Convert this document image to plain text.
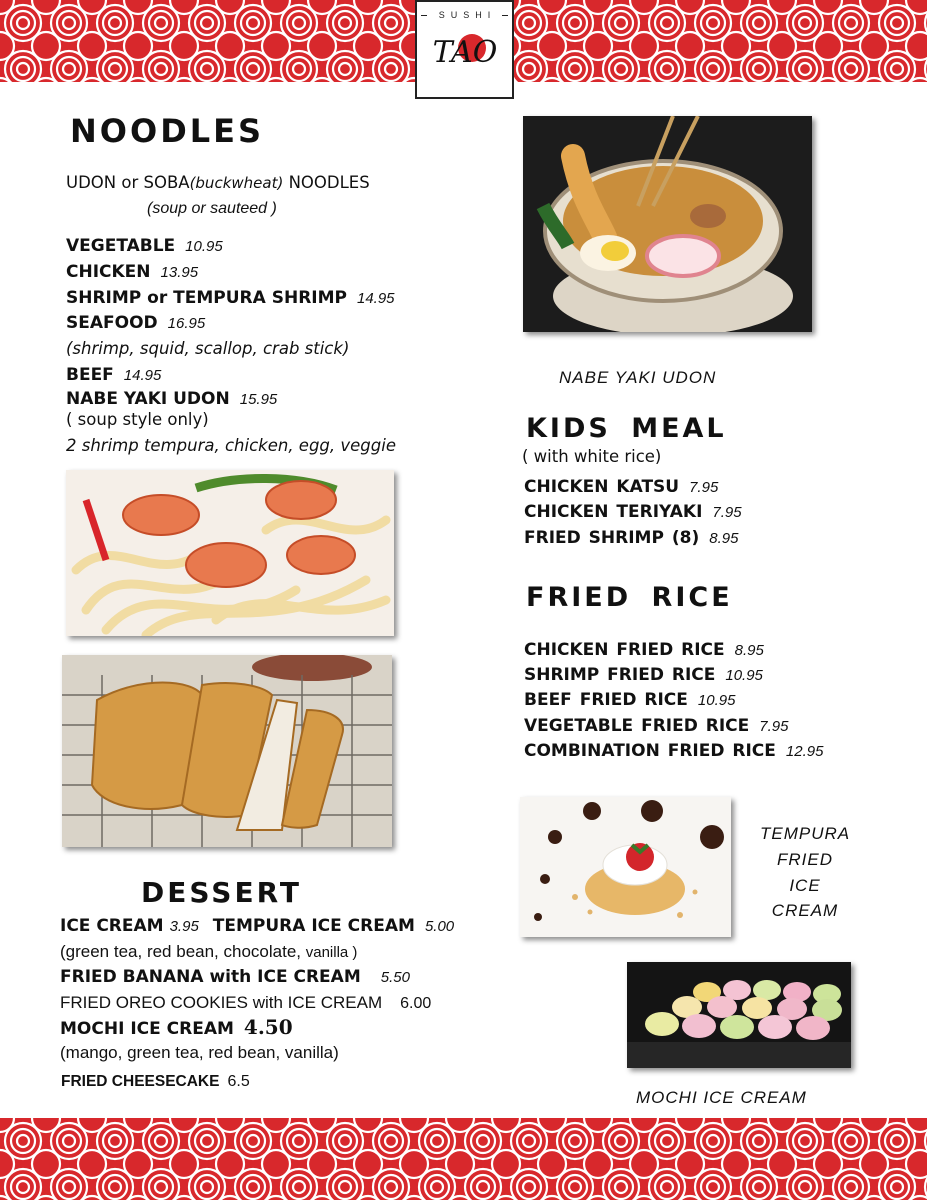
SUSHI
TAO
NOODLES
UDON or SOBA(buckwheat) NOODLES
(soup or sauteed )
VEGETABLE 10.95
CHICKEN 13.95
SHRIMP or TEMPURA SHRIMP 14.95
SEAFOOD 16.95
(shrimp, squid, scallop, crab stick)
BEEF 14.95
NABE YAKI UDON 15.95
( soup style only)
2 shrimp tempura, chicken, egg, veggie
DESSERT
ICE CREAM 3.95 TEMPURA ICE CREAM 5.00
(green tea, red bean, chocolate, vanilla )
FRIED BANANA with ICE CREAM 5.50
FRIED OREO COOKIES with ICE CREAM 6.00
MOCHI ICE CREAM 4.50
(mango, green tea, red bean, vanilla)
FRIED CHEESECAKE 6.5
NABE YAKI UDON
KIDS MEAL
( with white rice)
CHICKEN KATSU 7.95
CHICKEN TERIYAKI 7.95
FRIED SHRIMP (8) 8.95
FRIED RICE
CHICKEN FRIED RICE 8.95
SHRIMP FRIED RICE 10.95
BEEF FRIED RICE 10.95
VEGETABLE FRIED RICE 7.95
COMBINATION FRIED RICE 12.95
TEMPURA
FRIED
ICE
CREAM
MOCHI ICE CREAM
